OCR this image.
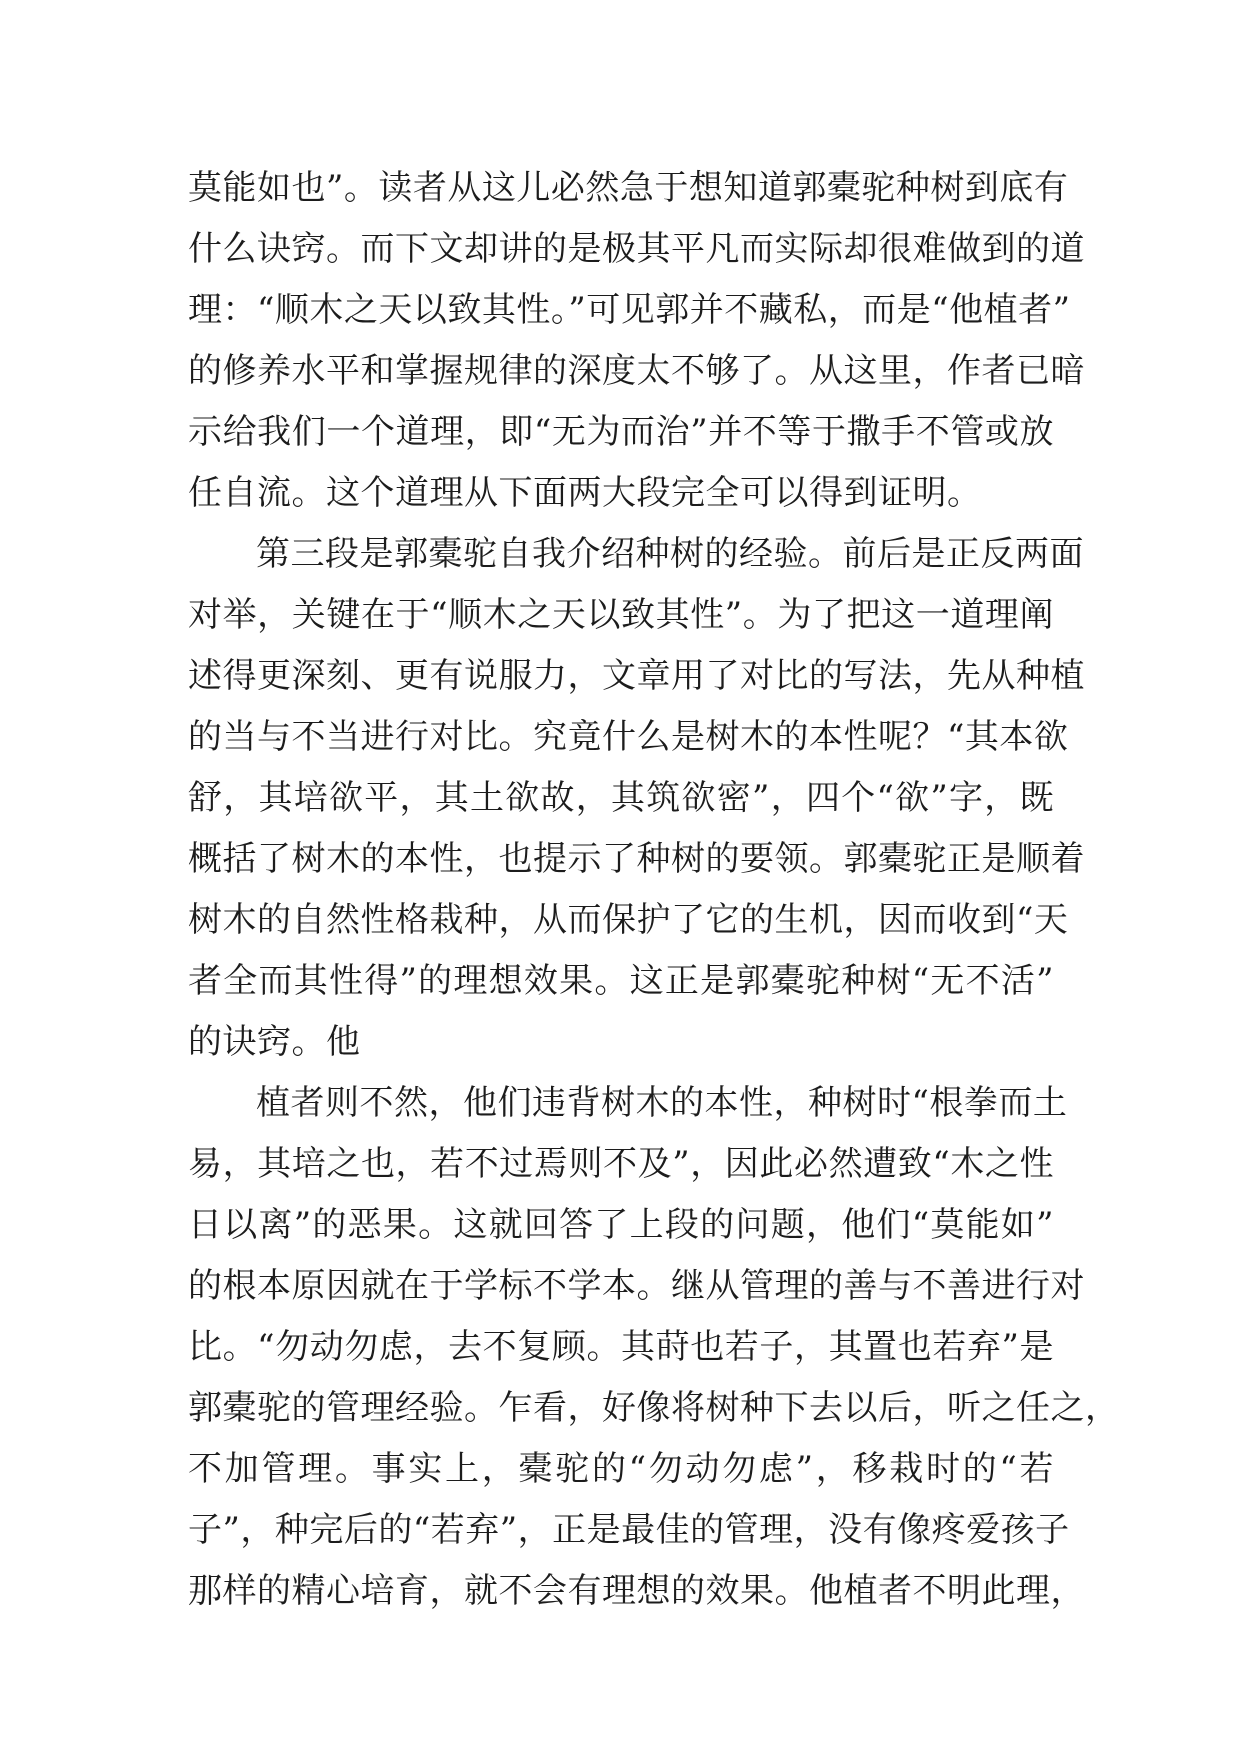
莫能如也”。读者从这儿必然急于想知道郭橐驼种树到底有
什么诀窍。而下文却讲的是极其平凡而实际却很难做到的道
理：“顺木之天以致其性。”可见郭并不藏私，而是“他植者”
的修养水平和掌握规律的深度太不够了。从这里，作者已暗
示给我们一个道理，即“无为而治”并不等于撒手不管或放
任自流。这个道理从下面两大段完全可以得到证明。
第三段是郭橐驼自我介绍种树的经验。前后是正反两面
对举，关键在于“顺木之天以致其性”。为了把这一道理阐
述得更深刻、更有说服力，文章用了对比的写法，先从种植
的当与不当进行对比。究竟什么是树木的本性呢？“其本欲
舒，其培欲平，其土欲故，其筑欲密”，四个“欲”字，既
概括了树木的本性，也提示了种树的要领。郭橐驼正是顺着
树木的自然性格栽种，从而保护了它的生机，因而收到“天
者全而其性得”的理想效果。这正是郭橐驼种树“无不活”
的诀窍。他
植者则不然，他们违背树木的本性，种树时“根拳而土
易，其培之也，若不过焉则不及”，因此必然遭致“木之性
日以离”的恶果。这就回答了上段的问题，他们“莫能如”
的根本原因就在于学标不学本。继从管理的善与不善进行对
比。“勿动勿虑，去不复顾。其莳也若子，其置也若弃”是
郭橐驼的管理经验。乍看，好像将树种下去以后，听之任之，
不加管理。事实上，橐驼的“勿动勿虑”，移栽时的“若
子”，种完后的“若弃”，正是最佳的管理，没有像疼爱孩子
那样的精心培育，就不会有理想的效果。他植者不明此理，
